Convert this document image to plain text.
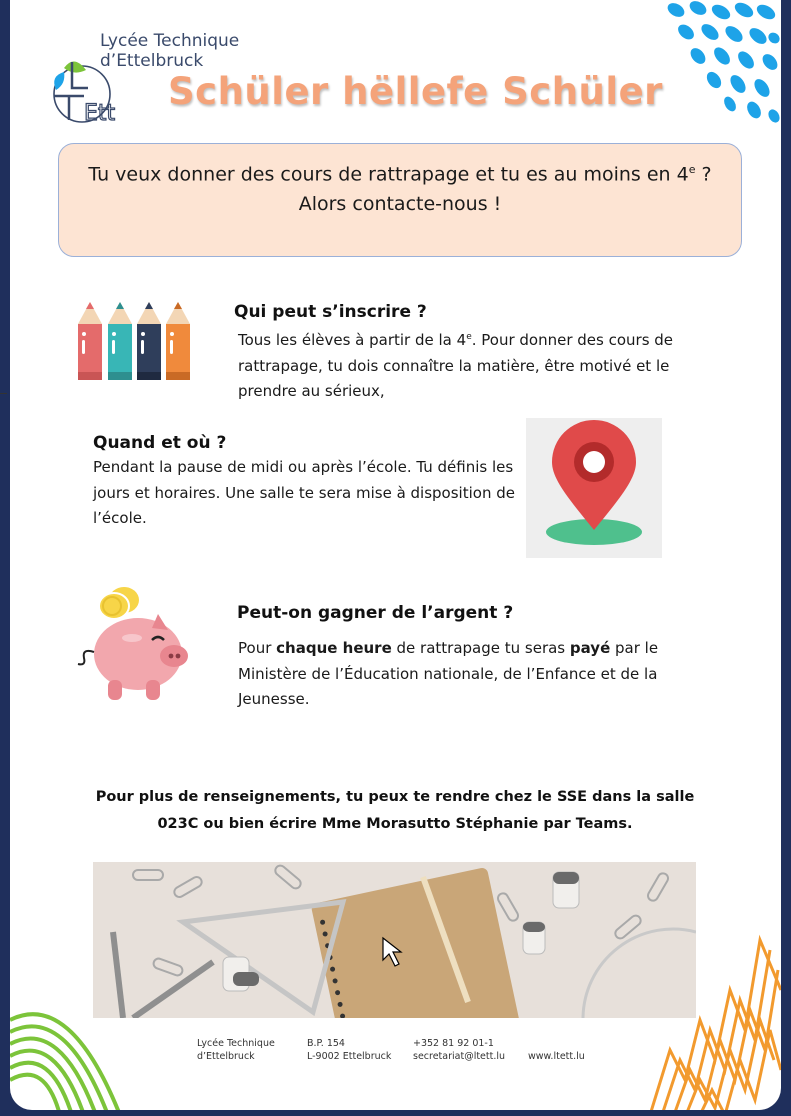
Ett
Lycée Technique
d’Ettelbruck
Schüler hëllefe Schüler
Tu veux donner des cours de rattrapage et tu es au moins en 4e ?
Alors contacte-nous !
Qui peut s’inscrire ?
Tous les élèves à partir de la 4e. Pour donner des cours de rattrapage, tu dois connaître la matière, être motivé et le prendre au sérieux,
Quand et où ?
Pendant la pause de midi ou après l’école. Tu définis les jours et horaires. Une salle te sera mise à disposition de l’école.
Peut-on gagner de l’argent ?
Pour chaque heure de rattrapage tu seras payé par le Ministère de l’Éducation nationale, de l’Enfance et de la Jeunesse.
Pour plus de renseignements, tu peux te rendre chez le SSE dans la salle
023C ou bien écrire Mme Morasutto Stéphanie par Teams.
Lycée Technique
d’Ettelbruck
B.P. 154
L-9002 Ettelbruck
+352 81 92 01-1
secretariat@ltett.lu
www.ltett.lu
